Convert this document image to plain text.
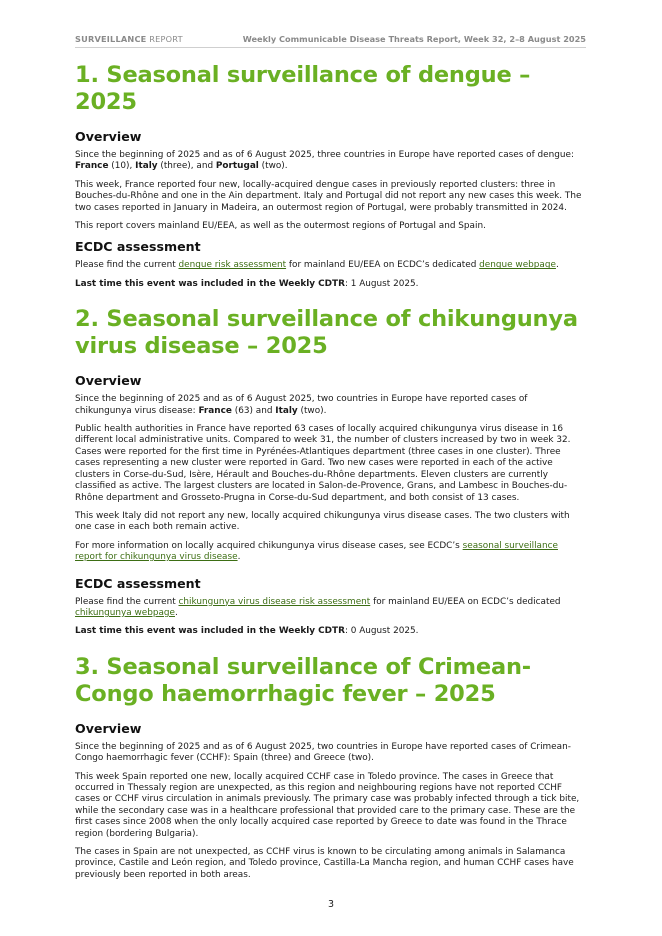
SURVEILLANCE REPORT	Weekly Communicable Disease Threats Report, Week 32, 2–8 August 2025
1. Seasonal surveillance of dengue – 2025
Overview

Since the beginning of 2025 and as of 6 August 2025, three countries in Europe have reported cases of dengue: France (10), Italy (three), and Portugal (two).

This week, France reported four new, locally-acquired dengue cases in previously reported clusters: three in Bouches-du-Rhône and one in the Ain department. Italy and Portugal did not report any new cases this week. The two cases reported in January in Madeira, an outermost region of Portugal, were probably transmitted in 2024.

This report covers mainland EU/EEA, as well as the outermost regions of Portugal and Spain.

ECDC assessment

Please find the current dengue risk assessment for mainland EU/EEA on ECDC’s dedicated dengue webpage.

Last time this event was included in the Weekly CDTR: 1 August 2025.

2. Seasonal surveillance of chikungunya virus disease – 2025
Overview

Since the beginning of 2025 and as of 6 August 2025, two countries in Europe have reported cases of chikungunya virus disease: France (63) and Italy (two).

Public health authorities in France have reported 63 cases of locally acquired chikungunya virus disease in 16 different local administrative units. Compared to week 31, the number of clusters increased by two in week 32. Cases were reported for the first time in Pyrénées-Atlantiques department (three cases in one cluster). Three cases representing a new cluster were reported in Gard. Two new cases were reported in each of the active clusters in Corse-du-Sud, Isère, Hérault and Bouches-du-Rhône departments. Eleven clusters are currently classified as active. The largest clusters are located in Salon-de-Provence, Grans, and Lambesc in Bouches-du-Rhône department and Grosseto-Prugna in Corse-du-Sud department, and both consist of 13 cases.

This week Italy did not report any new, locally acquired chikungunya virus disease cases. The two clusters with one case in each both remain active.

For more information on locally acquired chikungunya virus disease cases, see ECDC’s seasonal surveillance report for chikungunya virus disease.

ECDC assessment

Please find the current chikungunya virus disease risk assessment for mainland EU/EEA on ECDC’s dedicated chikungunya webpage.

Last time this event was included in the Weekly CDTR: 0 August 2025.

3. Seasonal surveillance of Crimean-Congo haemorrhagic fever – 2025
Overview

Since the beginning of 2025 and as of 6 August 2025, two countries in Europe have reported cases of Crimean-Congo haemorrhagic fever (CCHF): Spain (three) and Greece (two).

This week Spain reported one new, locally acquired CCHF case in Toledo province. The cases in Greece that occurred in Thessaly region are unexpected, as this region and neighbouring regions have not reported CCHF cases or CCHF virus circulation in animals previously. The primary case was probably infected through a tick bite, while the secondary case was in a healthcare professional that provided care to the primary case. These are the first cases since 2008 when the only locally acquired case reported by Greece to date was found in the Thrace region (bordering Bulgaria).

The cases in Spain are not unexpected, as CCHF virus is known to be circulating among animals in Salamanca province, Castile and León region, and Toledo province, Castilla-La Mancha region, and human CCHF cases have previously been reported in both areas.

3
